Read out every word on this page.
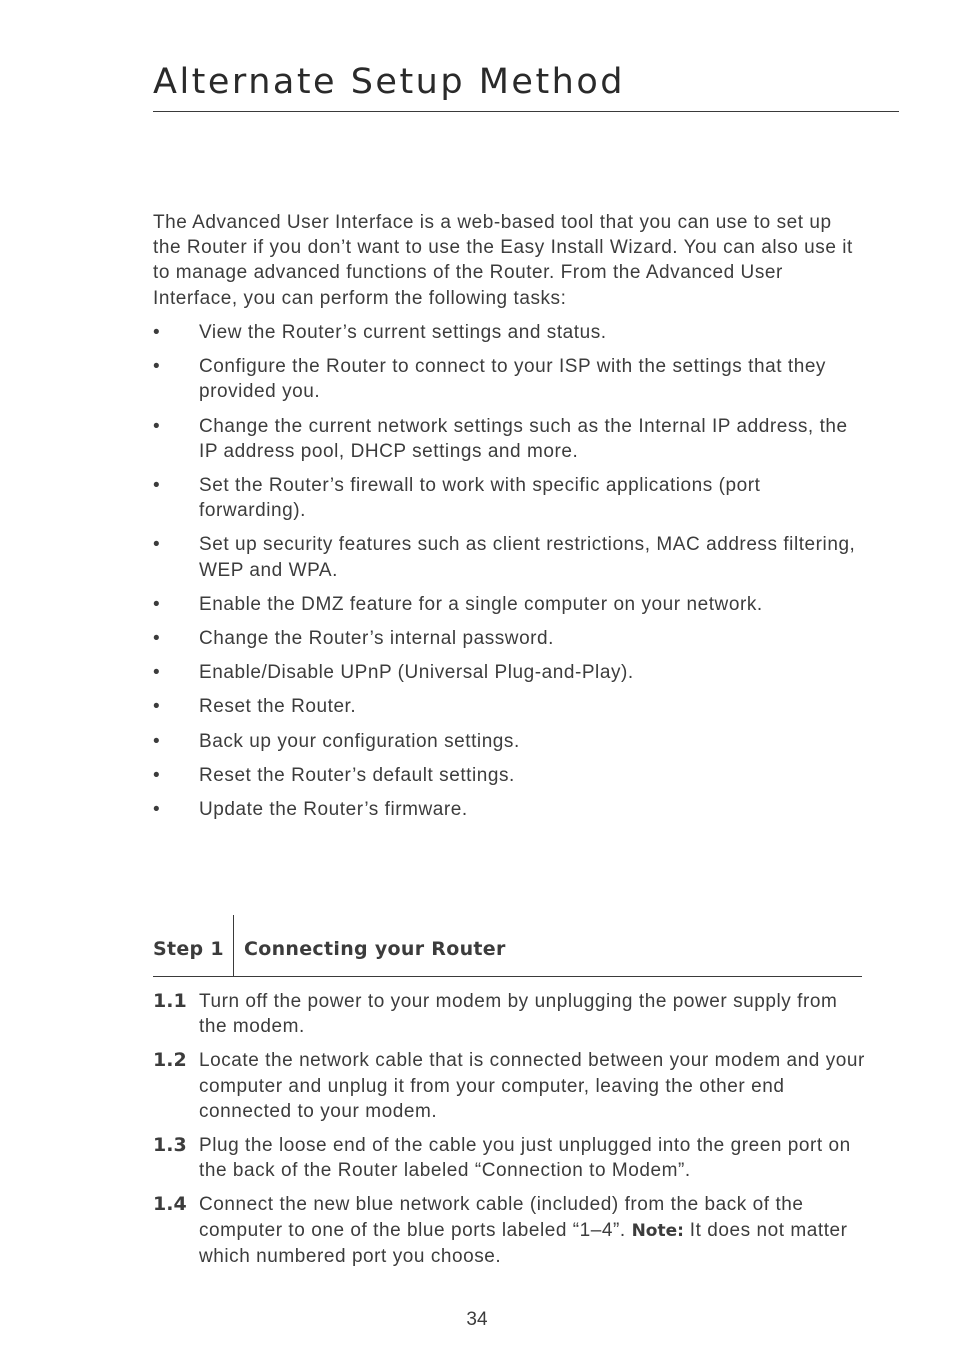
Alternate Setup Method

The Advanced User Interface is a web-based tool that you can use to set up the Router if you don’t want to use the Easy Install Wizard. You can also use it to manage advanced functions of the Router. From the Advanced User Interface, you can perform the following tasks:

• View the Router’s current settings and status.
• Configure the Router to connect to your ISP with the settings that they provided you.
• Change the current network settings such as the Internal IP address, the IP address pool, DHCP settings and more.
• Set the Router’s firewall to work with specific applications (port forwarding).
• Set up security features such as client restrictions, MAC address filtering, WEP and WPA.
• Enable the DMZ feature for a single computer on your network.
• Change the Router’s internal password.
• Enable/Disable UPnP (Universal Plug-and-Play).
• Reset the Router.
• Back up your configuration settings.
• Reset the Router’s default settings.
• Update the Router’s firmware.
Step 1 Connecting your Router
1.1 Turn off the power to your modem by unplugging the power supply from the modem.
1.2 Locate the network cable that is connected between your modem and your computer and unplug it from your computer, leaving the other end connected to your modem.
1.3 Plug the loose end of the cable you just unplugged into the green port on the back of the Router labeled “Connection to Modem”.
1.4 Connect the new blue network cable (included) from the back of the computer to one of the blue ports labeled “1–4”. Note: It does not matter which numbered port you choose.
34
